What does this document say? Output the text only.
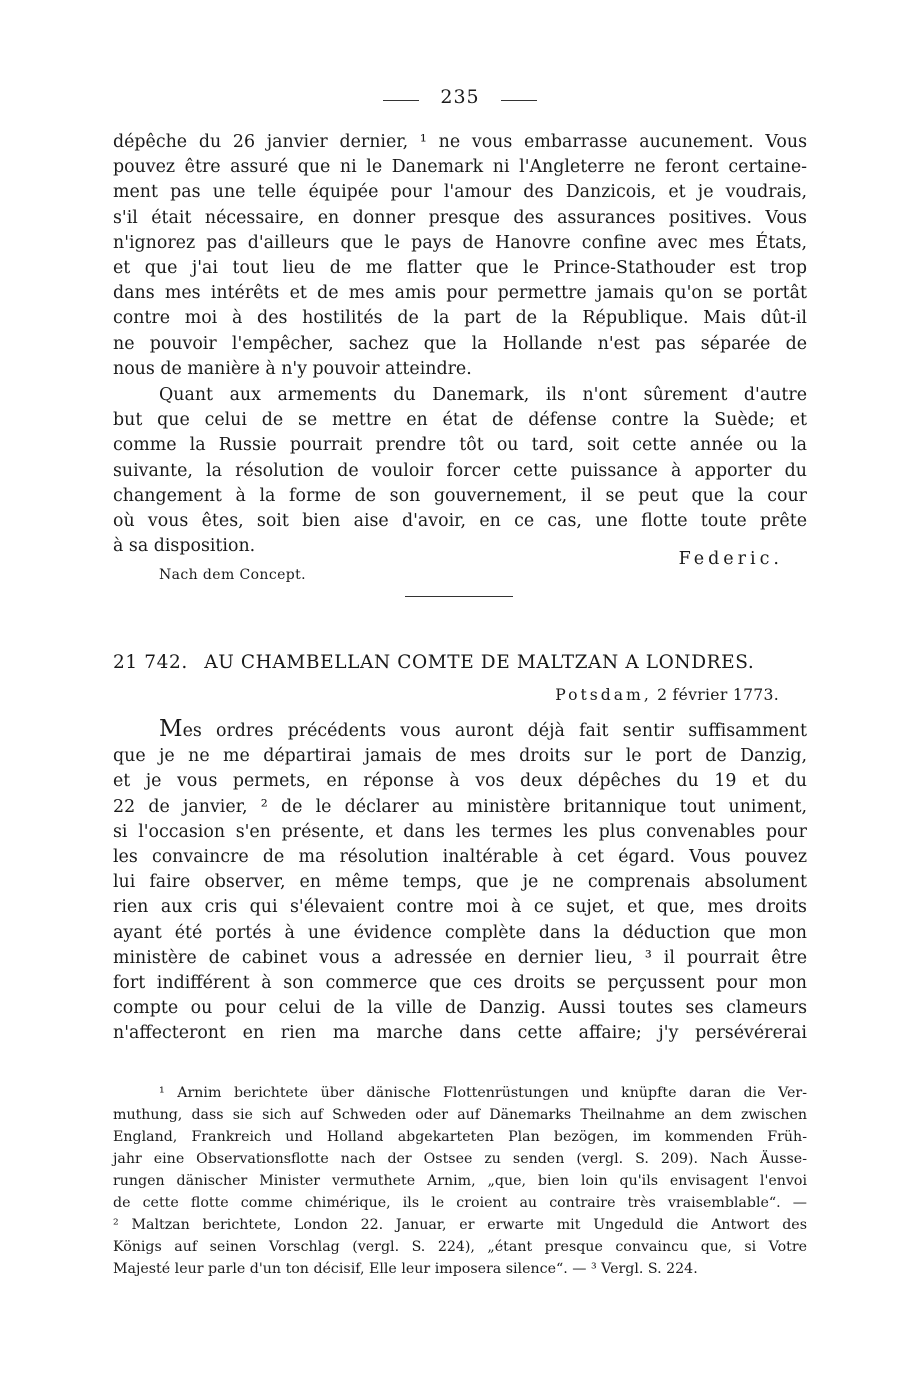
235
dépêche du 26 janvier dernier, ¹ ne vous embarrasse aucunement. Vous
pouvez être assuré que ni le Danemark ni l'Angleterre ne feront certaine-
ment pas une telle équipée pour l'amour des Danzicois, et je voudrais,
s'il était nécessaire, en donner presque des assurances positives. Vous
n'ignorez pas d'ailleurs que le pays de Hanovre confine avec mes États,
et que j'ai tout lieu de me flatter que le Prince-Stathouder est trop
dans mes intérêts et de mes amis pour permettre jamais qu'on se portât
contre moi à des hostilités de la part de la République. Mais dût-il
ne pouvoir l'empêcher, sachez que la Hollande n'est pas séparée de
nous de manière à n'y pouvoir atteindre.
Quant aux armements du Danemark, ils n'ont sûrement d'autre
but que celui de se mettre en état de défense contre la Suède; et
comme la Russie pourrait prendre tôt ou tard, soit cette année ou la
suivante, la résolution de vouloir forcer cette puissance à apporter du
changement à la forme de son gouvernement, il se peut que la cour
où vous êtes, soit bien aise d'avoir, en ce cas, une flotte toute prête
à sa disposition.
Federic.
Nach dem Concept.
21 742. AU CHAMBELLAN COMTE DE MALTZAN A LONDRES.
Potsdam, 2 février 1773.
Mes ordres précédents vous auront déjà fait sentir suffisamment
que je ne me départirai jamais de mes droits sur le port de Danzig,
et je vous permets, en réponse à vos deux dépêches du 19 et du
22 de janvier, ² de le déclarer au ministère britannique tout uniment,
si l'occasion s'en présente, et dans les termes les plus convenables pour
les convaincre de ma résolution inaltérable à cet égard. Vous pouvez
lui faire observer, en même temps, que je ne comprenais absolument
rien aux cris qui s'élevaient contre moi à ce sujet, et que, mes droits
ayant été portés à une évidence complète dans la déduction que mon
ministère de cabinet vous a adressée en dernier lieu, ³ il pourrait être
fort indifférent à son commerce que ces droits se perçussent pour mon
compte ou pour celui de la ville de Danzig. Aussi toutes ses clameurs
n'affecteront en rien ma marche dans cette affaire; j'y persévérerai
¹ Arnim berichtete über dänische Flottenrüstungen und knüpfte daran die Ver-
muthung, dass sie sich auf Schweden oder auf Dänemarks Theilnahme an dem zwischen
England, Frankreich und Holland abgekarteten Plan bezögen, im kommenden Früh-
jahr eine Observationsflotte nach der Ostsee zu senden (vergl. S. 209). Nach Äusse-
rungen dänischer Minister vermuthete Arnim, „que, bien loin qu'ils envisagent l'envoi
de cette flotte comme chimérique, ils le croient au contraire très vraisemblable“. —
² Maltzan berichtete, London 22. Januar, er erwarte mit Ungeduld die Antwort des
Königs auf seinen Vorschlag (vergl. S. 224), „étant presque convaincu que, si Votre
Majesté leur parle d'un ton décisif, Elle leur imposera silence“. — ³ Vergl. S. 224.
